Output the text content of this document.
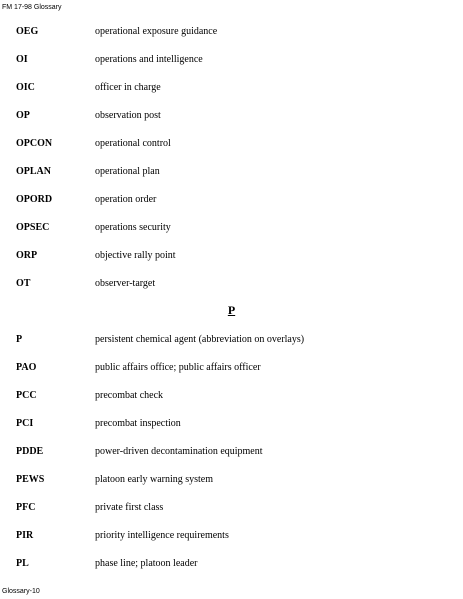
FM 17-98 Glossary
OEG	operational exposure guidance
OI	operations and intelligence
OIC	officer in charge
OP	observation post
OPCON	operational control
OPLAN	operational plan
OPORD	operation order
OPSEC	operations security
ORP	objective rally point
OT	observer-target
P
P	persistent chemical agent (abbreviation on overlays)
PAO	public affairs office; public affairs officer
PCC	precombat check
PCI	precombat inspection
PDDE	power-driven decontamination equipment
PEWS	platoon early warning system
PFC	private first class
PIR	priority intelligence requirements
PL	phase line; platoon leader
Glossary-10
